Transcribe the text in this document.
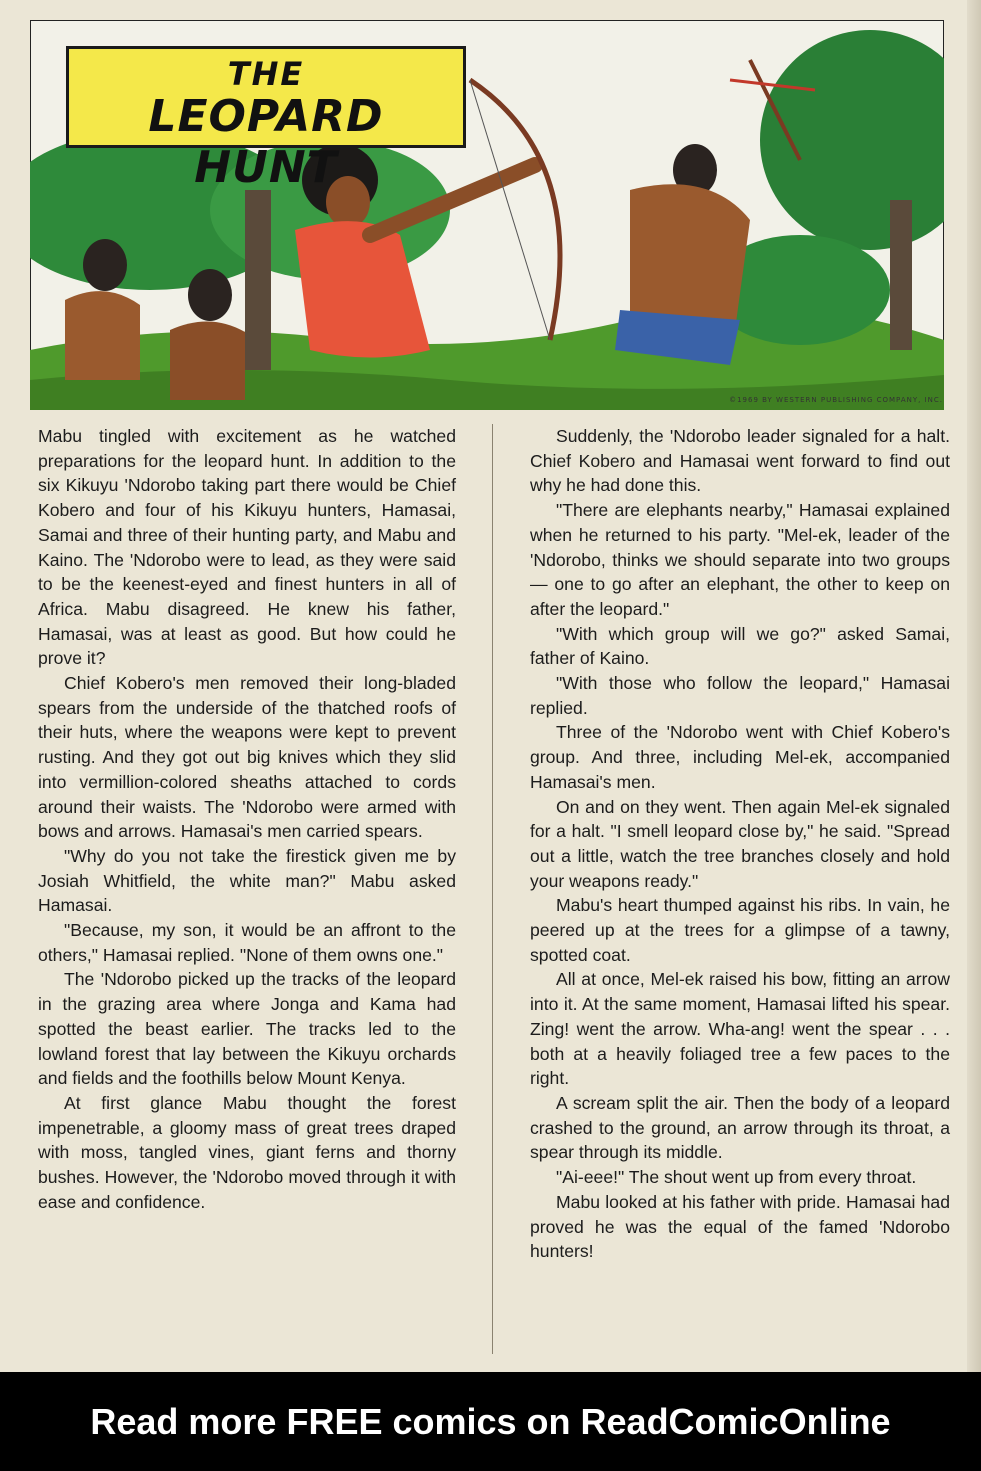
THE
LEOPARD HUNT
©1969 BY WESTERN PUBLISHING COMPANY, INC.

Mabu tingled with excitement as he watched preparations for the leopard hunt. In addition to the six Kikuyu 'Ndorobo taking part there would be Chief Kobero and four of his Kikuyu hunters, Hamasai, Samai and three of their hunting party, and Mabu and Kaino. The 'Ndorobo were to lead, as they were said to be the keenest-eyed and finest hunters in all of Africa. Mabu disagreed. He knew his father, Hamasai, was at least as good. But how could he prove it?

Chief Kobero's men removed their long-bladed spears from the underside of the thatched roofs of their huts, where the weapons were kept to prevent rusting. And they got out big knives which they slid into vermillion-colored sheaths attached to cords around their waists. The 'Ndorobo were armed with bows and arrows. Hamasai's men carried spears.

"Why do you not take the firestick given me by Josiah Whitfield, the white man?" Mabu asked Hamasai.

"Because, my son, it would be an affront to the others," Hamasai replied. "None of them owns one."

The 'Ndorobo picked up the tracks of the leopard in the grazing area where Jonga and Kama had spotted the beast earlier. The tracks led to the lowland forest that lay between the Kikuyu orchards and fields and the foothills below Mount Kenya.

At first glance Mabu thought the forest impenetrable, a gloomy mass of great trees draped with moss, tangled vines, giant ferns and thorny bushes. However, the 'Ndorobo moved through it with ease and confidence.

Suddenly, the 'Ndorobo leader signaled for a halt. Chief Kobero and Hamasai went forward to find out why he had done this.

"There are elephants nearby," Hamasai explained when he returned to his party. "Mel-ek, leader of the 'Ndorobo, thinks we should separate into two groups — one to go after an elephant, the other to keep on after the leopard."

"With which group will we go?" asked Samai, father of Kaino.

"With those who follow the leopard," Hamasai replied.

Three of the 'Ndorobo went with Chief Kobero's group. And three, including Mel-ek, accompanied Hamasai's men.

On and on they went. Then again Mel-ek signaled for a halt. "I smell leopard close by," he said. "Spread out a little, watch the tree branches closely and hold your weapons ready."

Mabu's heart thumped against his ribs. In vain, he peered up at the trees for a glimpse of a tawny, spotted coat.

All at once, Mel-ek raised his bow, fitting an arrow into it. At the same moment, Hamasai lifted his spear. Zing! went the arrow. Wha-ang! went the spear . . . both at a heavily foliaged tree a few paces to the right.

A scream split the air. Then the body of a leopard crashed to the ground, an arrow through its throat, a spear through its middle.

"Ai-eee!" The shout went up from every throat.

Mabu looked at his father with pride. Hamasai had proved he was the equal of the famed 'Ndorobo hunters!

Read more FREE comics on ReadComicOnline
